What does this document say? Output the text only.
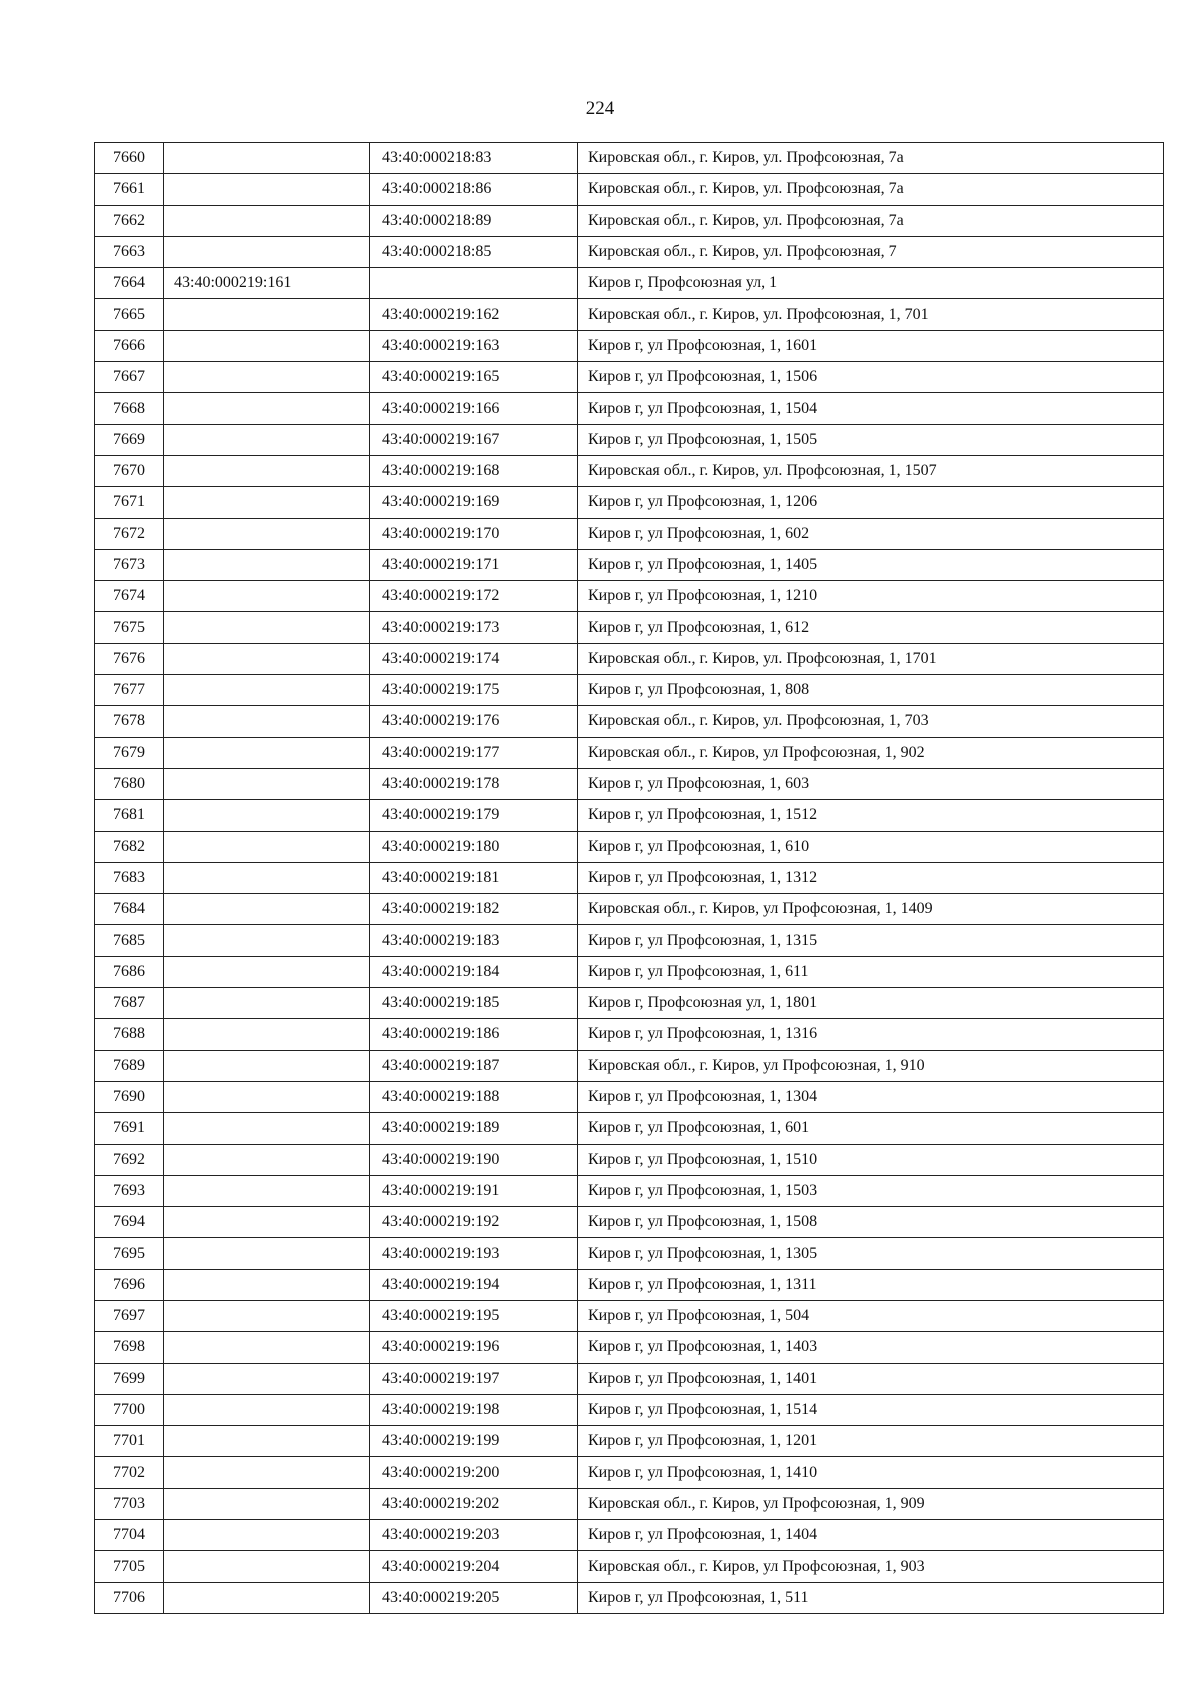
224
7660		43:40:000218:83	Кировская обл., г. Киров, ул. Профсоюзная, 7а
7661		43:40:000218:86	Кировская обл., г. Киров, ул. Профсоюзная, 7а
7662		43:40:000218:89	Кировская обл., г. Киров, ул. Профсоюзная, 7а
7663		43:40:000218:85	Кировская обл., г. Киров, ул. Профсоюзная, 7
7664	43:40:000219:161		Киров г, Профсоюзная ул, 1
7665		43:40:000219:162	Кировская обл., г. Киров, ул. Профсоюзная, 1, 701
7666		43:40:000219:163	Киров г, ул Профсоюзная, 1, 1601
7667		43:40:000219:165	Киров г, ул Профсоюзная, 1, 1506
7668		43:40:000219:166	Киров г, ул Профсоюзная, 1, 1504
7669		43:40:000219:167	Киров г, ул Профсоюзная, 1, 1505
7670		43:40:000219:168	Кировская обл., г. Киров, ул. Профсоюзная, 1, 1507
7671		43:40:000219:169	Киров г, ул Профсоюзная, 1, 1206
7672		43:40:000219:170	Киров г, ул Профсоюзная, 1, 602
7673		43:40:000219:171	Киров г, ул Профсоюзная, 1, 1405
7674		43:40:000219:172	Киров г, ул Профсоюзная, 1, 1210
7675		43:40:000219:173	Киров г, ул Профсоюзная, 1, 612
7676		43:40:000219:174	Кировская обл., г. Киров, ул. Профсоюзная, 1, 1701
7677		43:40:000219:175	Киров г, ул Профсоюзная, 1, 808
7678		43:40:000219:176	Кировская обл., г. Киров, ул. Профсоюзная, 1, 703
7679		43:40:000219:177	Кировская обл., г. Киров, ул Профсоюзная, 1, 902
7680		43:40:000219:178	Киров г, ул Профсоюзная, 1, 603
7681		43:40:000219:179	Киров г, ул Профсоюзная, 1, 1512
7682		43:40:000219:180	Киров г, ул Профсоюзная, 1, 610
7683		43:40:000219:181	Киров г, ул Профсоюзная, 1, 1312
7684		43:40:000219:182	Кировская обл., г. Киров, ул Профсоюзная, 1, 1409
7685		43:40:000219:183	Киров г, ул Профсоюзная, 1, 1315
7686		43:40:000219:184	Киров г, ул Профсоюзная, 1, 611
7687		43:40:000219:185	Киров г, Профсоюзная ул, 1, 1801
7688		43:40:000219:186	Киров г, ул Профсоюзная, 1, 1316
7689		43:40:000219:187	Кировская обл., г. Киров, ул Профсоюзная, 1, 910
7690		43:40:000219:188	Киров г, ул Профсоюзная, 1, 1304
7691		43:40:000219:189	Киров г, ул Профсоюзная, 1, 601
7692		43:40:000219:190	Киров г, ул Профсоюзная, 1, 1510
7693		43:40:000219:191	Киров г, ул Профсоюзная, 1, 1503
7694		43:40:000219:192	Киров г, ул Профсоюзная, 1, 1508
7695		43:40:000219:193	Киров г, ул Профсоюзная, 1, 1305
7696		43:40:000219:194	Киров г, ул Профсоюзная, 1, 1311
7697		43:40:000219:195	Киров г, ул Профсоюзная, 1, 504
7698		43:40:000219:196	Киров г, ул Профсоюзная, 1, 1403
7699		43:40:000219:197	Киров г, ул Профсоюзная, 1, 1401
7700		43:40:000219:198	Киров г, ул Профсоюзная, 1, 1514
7701		43:40:000219:199	Киров г, ул Профсоюзная, 1, 1201
7702		43:40:000219:200	Киров г, ул Профсоюзная, 1, 1410
7703		43:40:000219:202	Кировская обл., г. Киров, ул Профсоюзная, 1, 909
7704		43:40:000219:203	Киров г, ул Профсоюзная, 1, 1404
7705		43:40:000219:204	Кировская обл., г. Киров, ул Профсоюзная, 1, 903
7706		43:40:000219:205	Киров г, ул Профсоюзная, 1, 511
